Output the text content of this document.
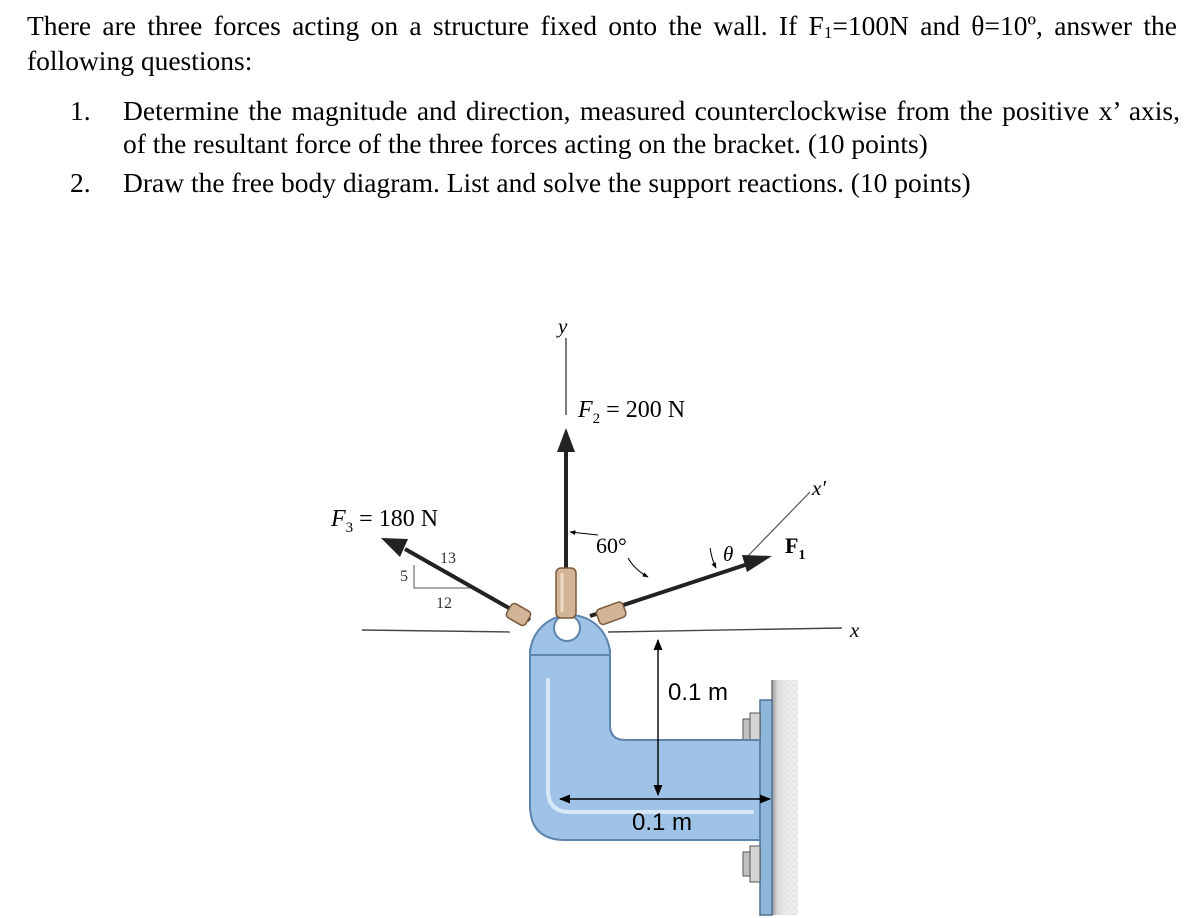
There are three forces acting on a structure fixed onto the wall. If $F_1=100N$ and θ=10º, answer the following questions:

1. Determine the magnitude and direction, measured counterclockwise from the positive x’ axis, of the resultant force of the three forces acting on the bracket. (10 points)
2. Draw the free body diagram. List and solve the support reactions. (10 points)
x
y
$F_2 = 200$ N
x′
$F_1$
$F_3 = 180$ N
13
5
12
60°	θ
0.1 m
0.1 m
